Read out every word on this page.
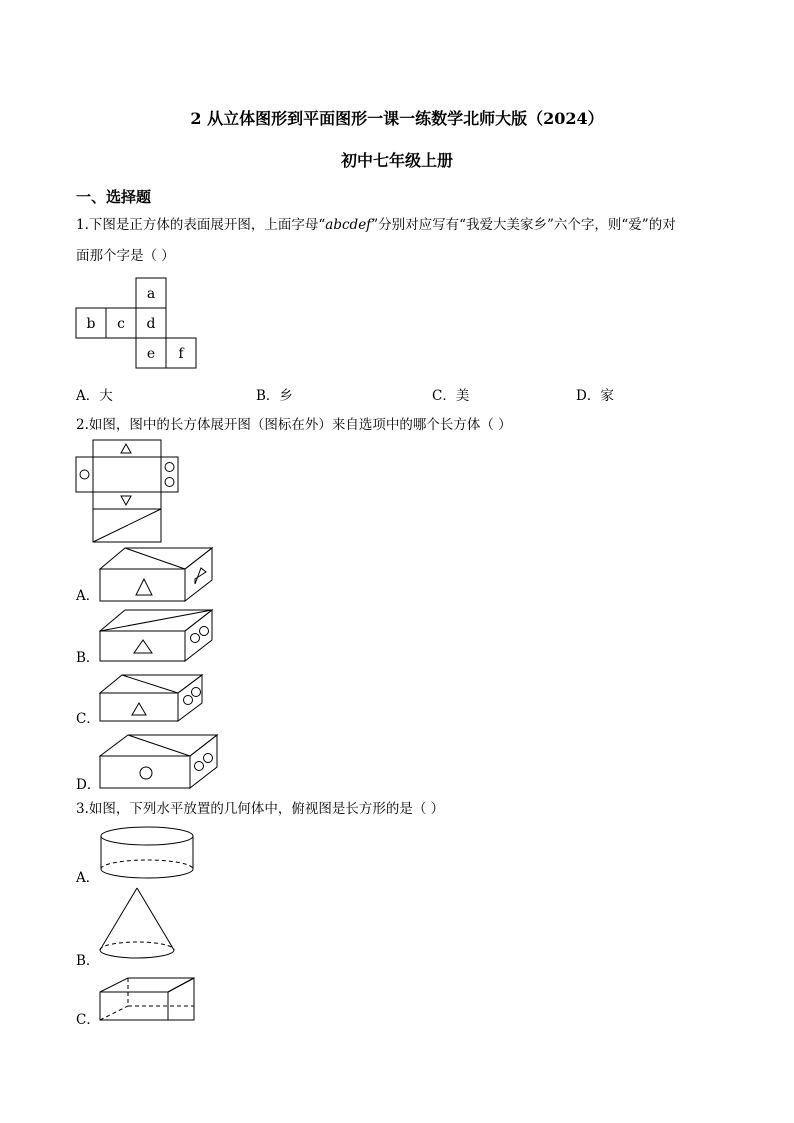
2 从立体图形到平面图形一课一练数学北师大版（2024）
初中七年级上册
一、选择题
1.下图是正方体的表面展开图，上面字母“abcdef”分别对应写有“我爱大美家乡”六个字，则“爱”的对
面那个字是（ ）
a
b c d
e f
A．大	B．乡	C．美	D．家
2.如图，图中的长方体展开图（图标在外）来自选项中的哪个长方体（ ）
A．
B．
C．
D．
3.如图，下列水平放置的几何体中，俯视图是长方形的是（ ）
A．
B．
C．
